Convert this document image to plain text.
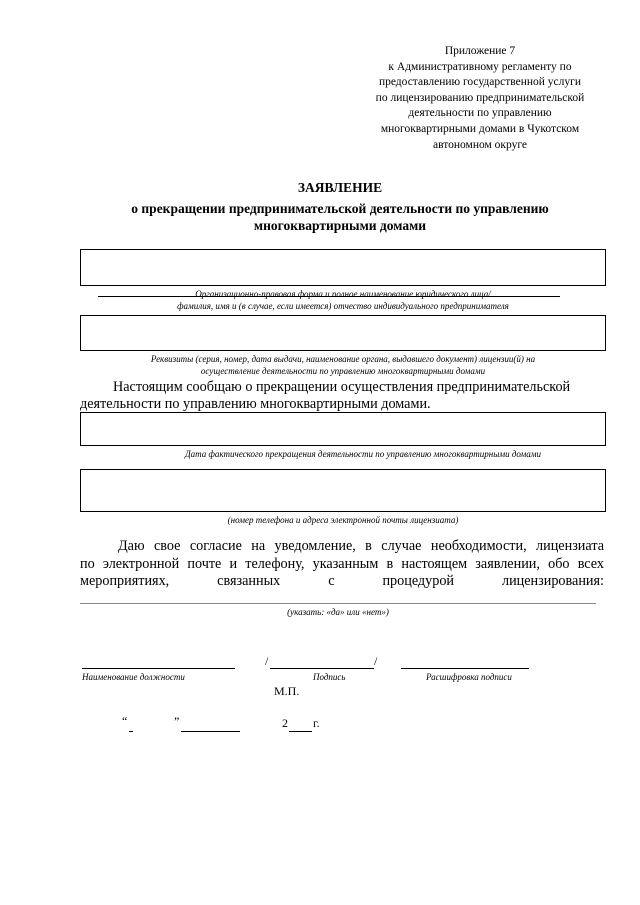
Приложение 7
к Административному регламенту по
предоставлению государственной услуги
по лицензированию предпринимательской
деятельности по управлению
многоквартирными домами в Чукотском
автономном округе
ЗАЯВЛЕНИЕ
о прекращении предпринимательской деятельности по управлению
многоквартирными домами
Организационно-правовая форма и полное наименование юридического лица/
фамилия, имя и (в случае, если имеется) отчество индивидуального предпринимателя
Реквизиты (серия, номер, дата выдачи, наименование органа, выдавшего документ) лицензии(й) на
осуществление деятельности по управлению многоквартирными домами
Настоящим сообщаю о прекращении осуществления предпринимательской
деятельности по управлению многоквартирными домами.
Дата фактического прекращения деятельности по управлению многоквартирными домами
(номер телефона и адреса электронной почты лицензиата)
Даю свое согласие на уведомление, в случае необходимости, лицензиата
по электронной почте и телефону, указанным в настоящем заявлении, обо всех
мероприятиях, связанных с процедурой лицензирования:
(указать: «да» или «нет»)
Наименование должности
/	/
Подпись	Расшифровка подписи
М.П.
“	”	2 г.
